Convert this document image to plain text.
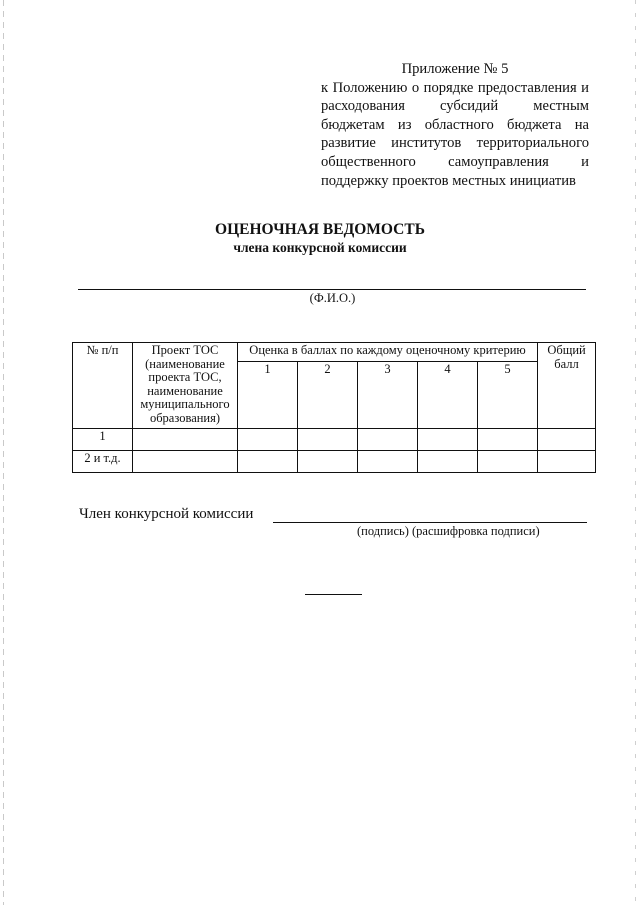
Приложение № 5
к Положению о порядке предоставления и расходования субсидий местным бюджетам из областного бюджета на развитие институтов территориального общественного самоуправления и поддержку проектов местных инициатив
ОЦЕНОЧНАЯ ВЕДОМОСТЬ
члена конкурсной комиссии
(Ф.И.О.)
№ п/п	Проект ТОС (наименование проекта ТОС, наименование муниципального образования)	Оценка в баллах по каждому оценочному критерию					Общий балл
		1	2	3	4	5	
1							
2 и т.д.							
Член конкурсной комиссии
(подпись) (расшифровка подписи)
